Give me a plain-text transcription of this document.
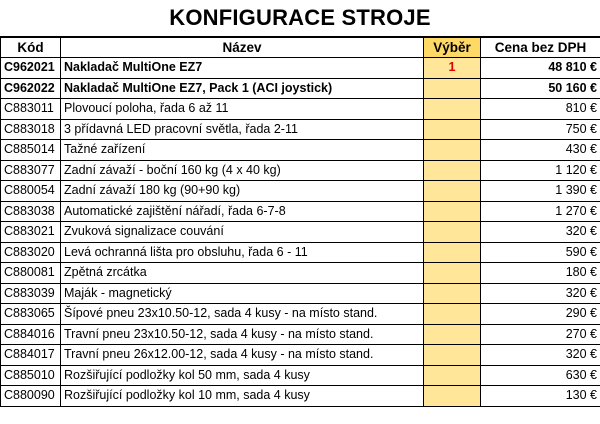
KONFIGURACE STROJE
Kód	Název	Výběr	Cena bez DPH
C962021	Nakladač MultiOne EZ7	1	48 810 €
C962022	Nakladač MultiOne EZ7, Pack 1 (ACI joystick)		50 160 €
C883011	Plovoucí poloha, řada 6 až 11		810 €
C883018	3 přídavná LED pracovní světla, řada 2-11		750 €
C885014	Tažné zařízení		430 €
C883077	Zadní závaží - boční 160 kg (4 x 40 kg)		1 120 €
C880054	Zadní závaží 180 kg (90+90 kg)		1 390 €
C883038	Automatické zajištění nářadí, řada 6-7-8		1 270 €
C883021	Zvuková signalizace couvání		320 €
C883020	Levá ochranná lišta pro obsluhu, řada 6 - 11		590 €
C880081	Zpětná zrcátka		180 €
C883039	Maják - magnetický		320 €
C883065	Šípové pneu 23x10.50-12, sada 4 kusy - na místo stand.		290 €
C884016	Travní pneu 23x10.50-12, sada 4 kusy - na místo stand.		270 €
C884017	Travní pneu 26x12.00-12, sada 4 kusy - na místo stand.		320 €
C885010	Rozšiřující podložky kol 50 mm, sada 4 kusy		630 €
C880090	Rozšiřující podložky kol 10 mm, sada 4 kusy		130 €
